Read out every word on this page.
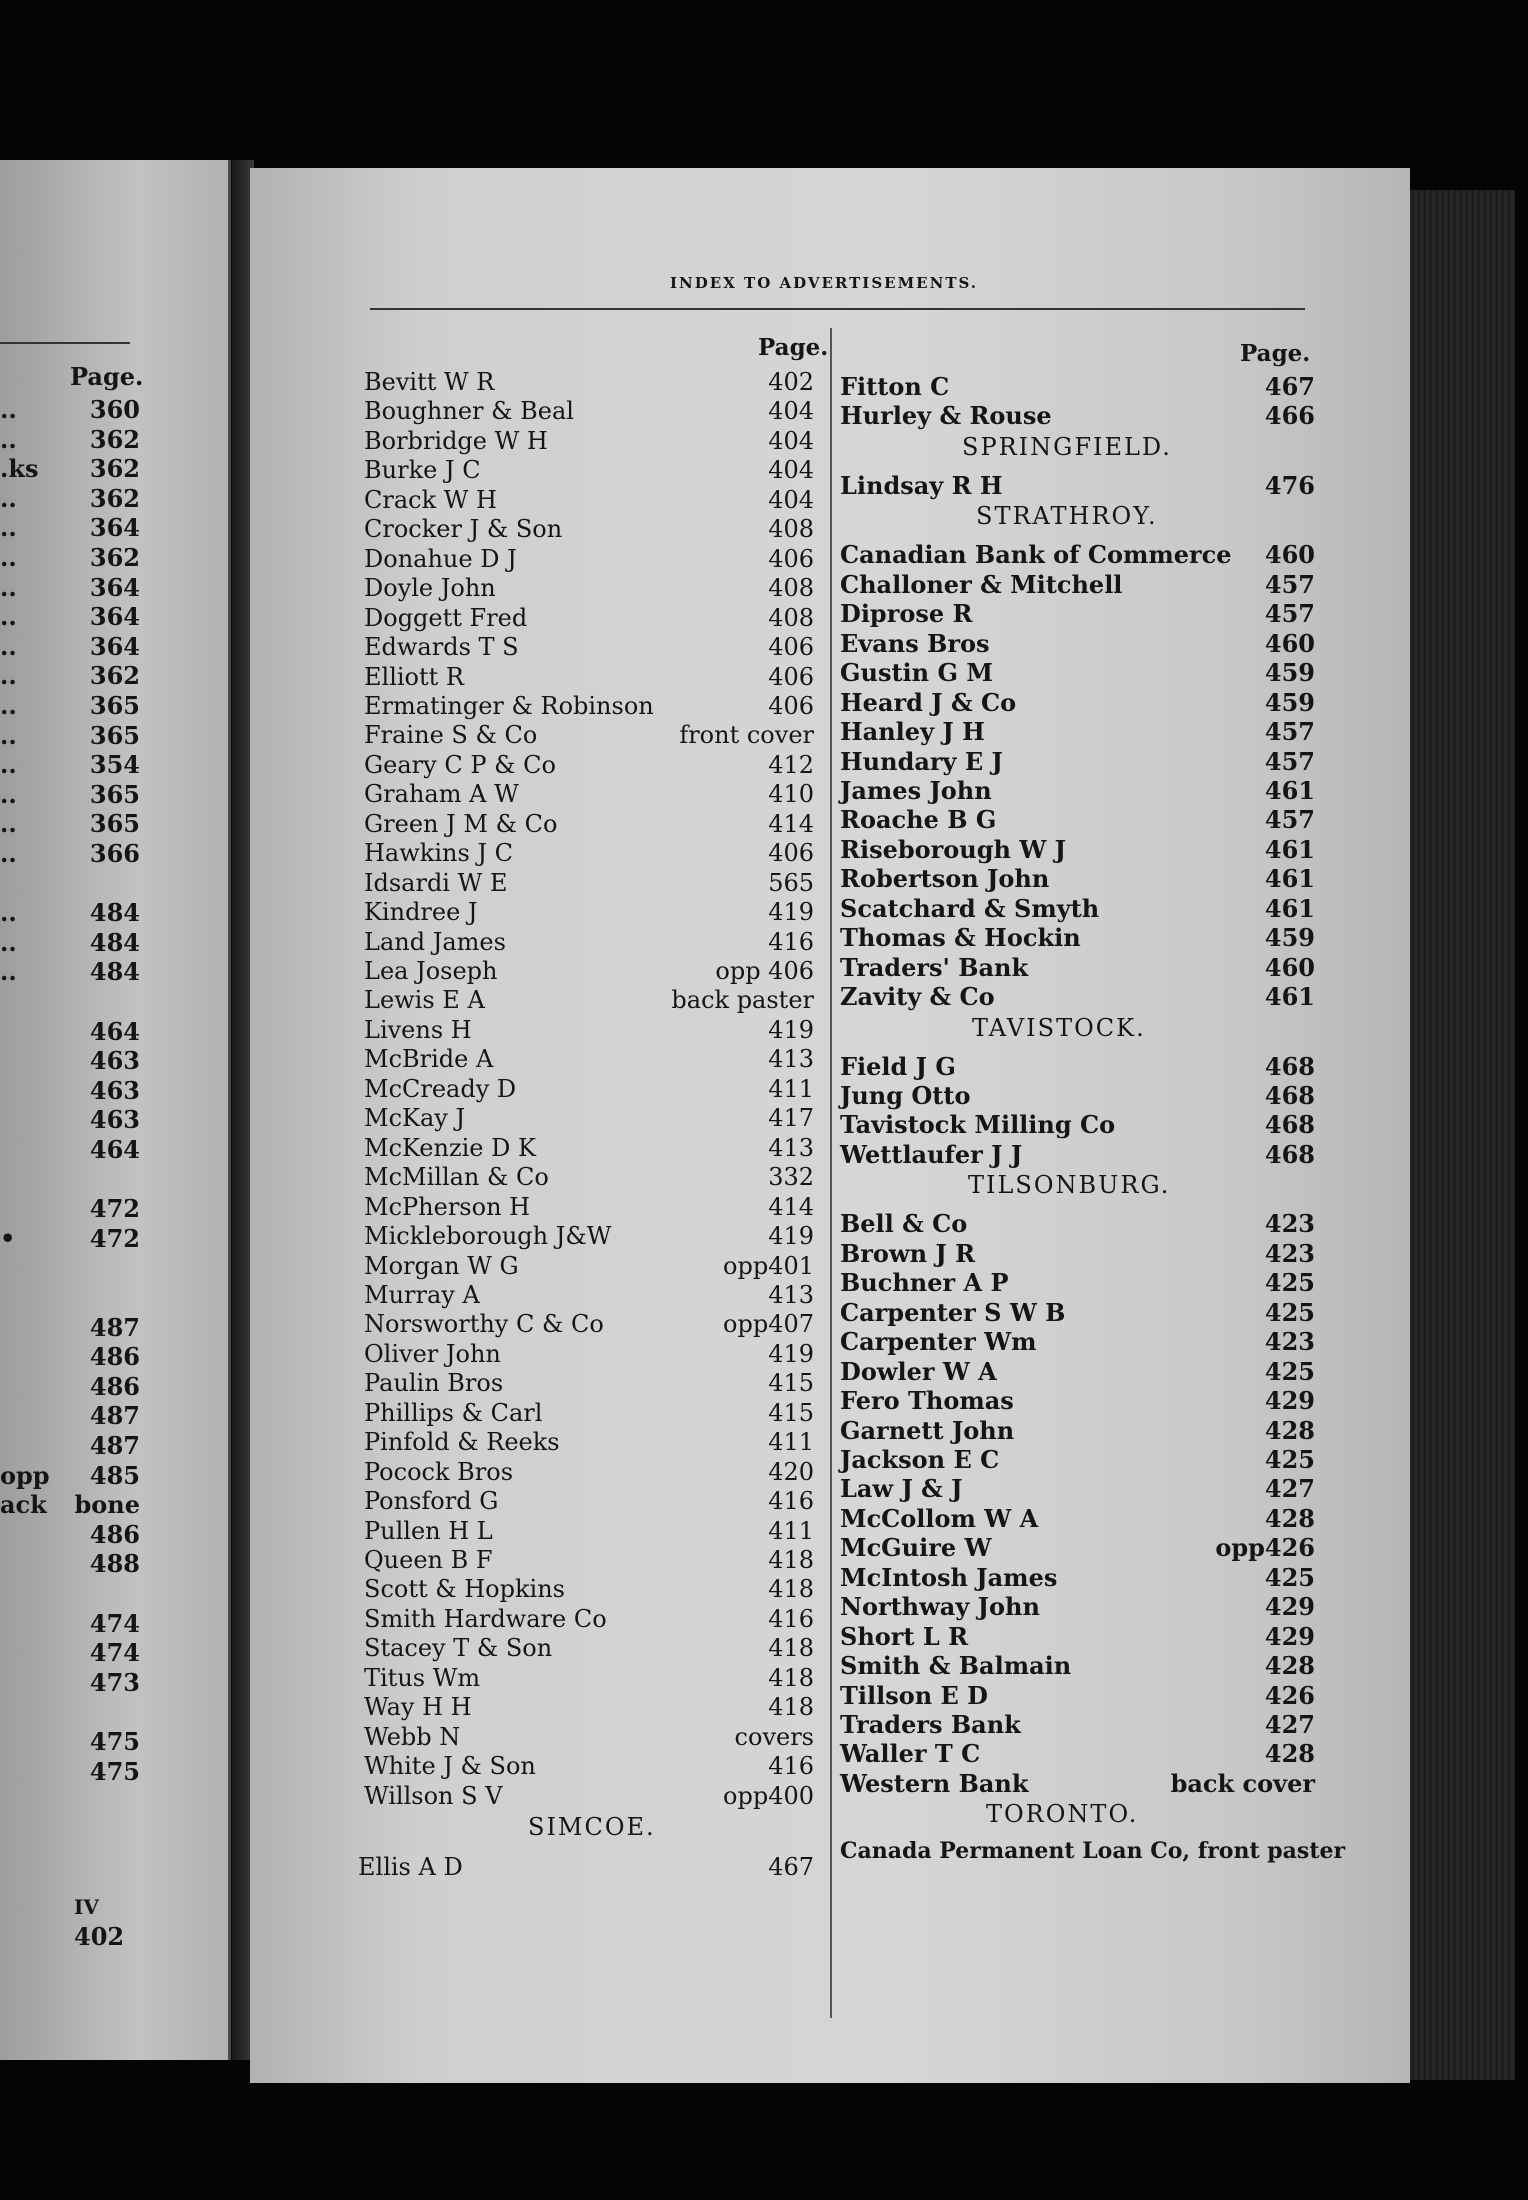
Page.
..	360
..	362
.ks 362
..	362
..	364
..	362
..	364
..	364
..	364
..	362
..	365
..	365
..	354
..	365
..	365
..	366
..	484
..	484
..	484
464
463
463
463
464
472
•	472
487
486
486
487
487
opp 485
ack bone
486
488
474
474
473
475
475
IV
402
INDEX TO ADVERTISEMENTS.
Page.	Page.
Bevitt W R	402
Boughner & Beal	404
Borbridge W H	404
Burke J C	404
Crack W H	404
Crocker J & Son	408
Donahue D J	406
Doyle John	408
Doggett Fred	408
Edwards T S	406
Elliott R	406
Ermatinger & Robinson	406
Fraine S & Co	front cover
Geary C P & Co	412
Graham A W	410
Green J M & Co	414
Hawkins J C	406
Idsardi W E	565
Kindree J	419
Land James	416
Lea Joseph	opp 406
Lewis E A	back paster
Livens H	419
McBride A	413
McCready D	411
McKay J	417
McKenzie D K	413
McMillan & Co	332
McPherson H	414
Mickleborough J&W	419
Morgan W G	opp401
Murray A	413
Norsworthy C & Co	opp407
Oliver John	419
Paulin Bros	415
Phillips & Carl	415
Pinfold & Reeks	411
Pocock Bros	420
Ponsford G	416
Pullen H L	411
Queen B F	418
Scott & Hopkins	418
Smith Hardware Co	416
Stacey T & Son	418
Titus Wm	418
Way H H	418
Webb N	covers
White J & Son	416
Willson S V	opp400
SIMCOE.
Ellis A D	467
Fitton C	467
Hurley & Rouse	466
SPRINGFIELD.
Lindsay R H	476
STRATHROY.
Canadian Bank of Commerce 460
Challoner & Mitchell	457
Diprose R	457
Evans Bros	460
Gustin G M	459
Heard J & Co	459
Hanley J H	457
Hundary E J	457
James John	461
Roache B G	457
Riseborough W J	461
Robertson John	461
Scatchard & Smyth	461
Thomas & Hockin	459
Traders' Bank	460
Zavity & Co	461
TAVISTOCK.
Field J G	468
Jung Otto	468
Tavistock Milling Co	468
Wettlaufer J J	468
TILSONBURG.
Bell & Co	423
Brown J R	423
Buchner A P	425
Carpenter S W B	425
Carpenter Wm	423
Dowler W A	425
Fero Thomas	429
Garnett John	428
Jackson E C	425
Law J & J	427
McCollom W A	428
McGuire W	opp426
McIntosh James	425
Northway John	429
Short L R	429
Smith & Balmain	428
Tillson E D	426
Traders Bank	427
Waller T C	428
Western Bank	back cover
TORONTO.
Canada Permanent Loan Co, front paster
